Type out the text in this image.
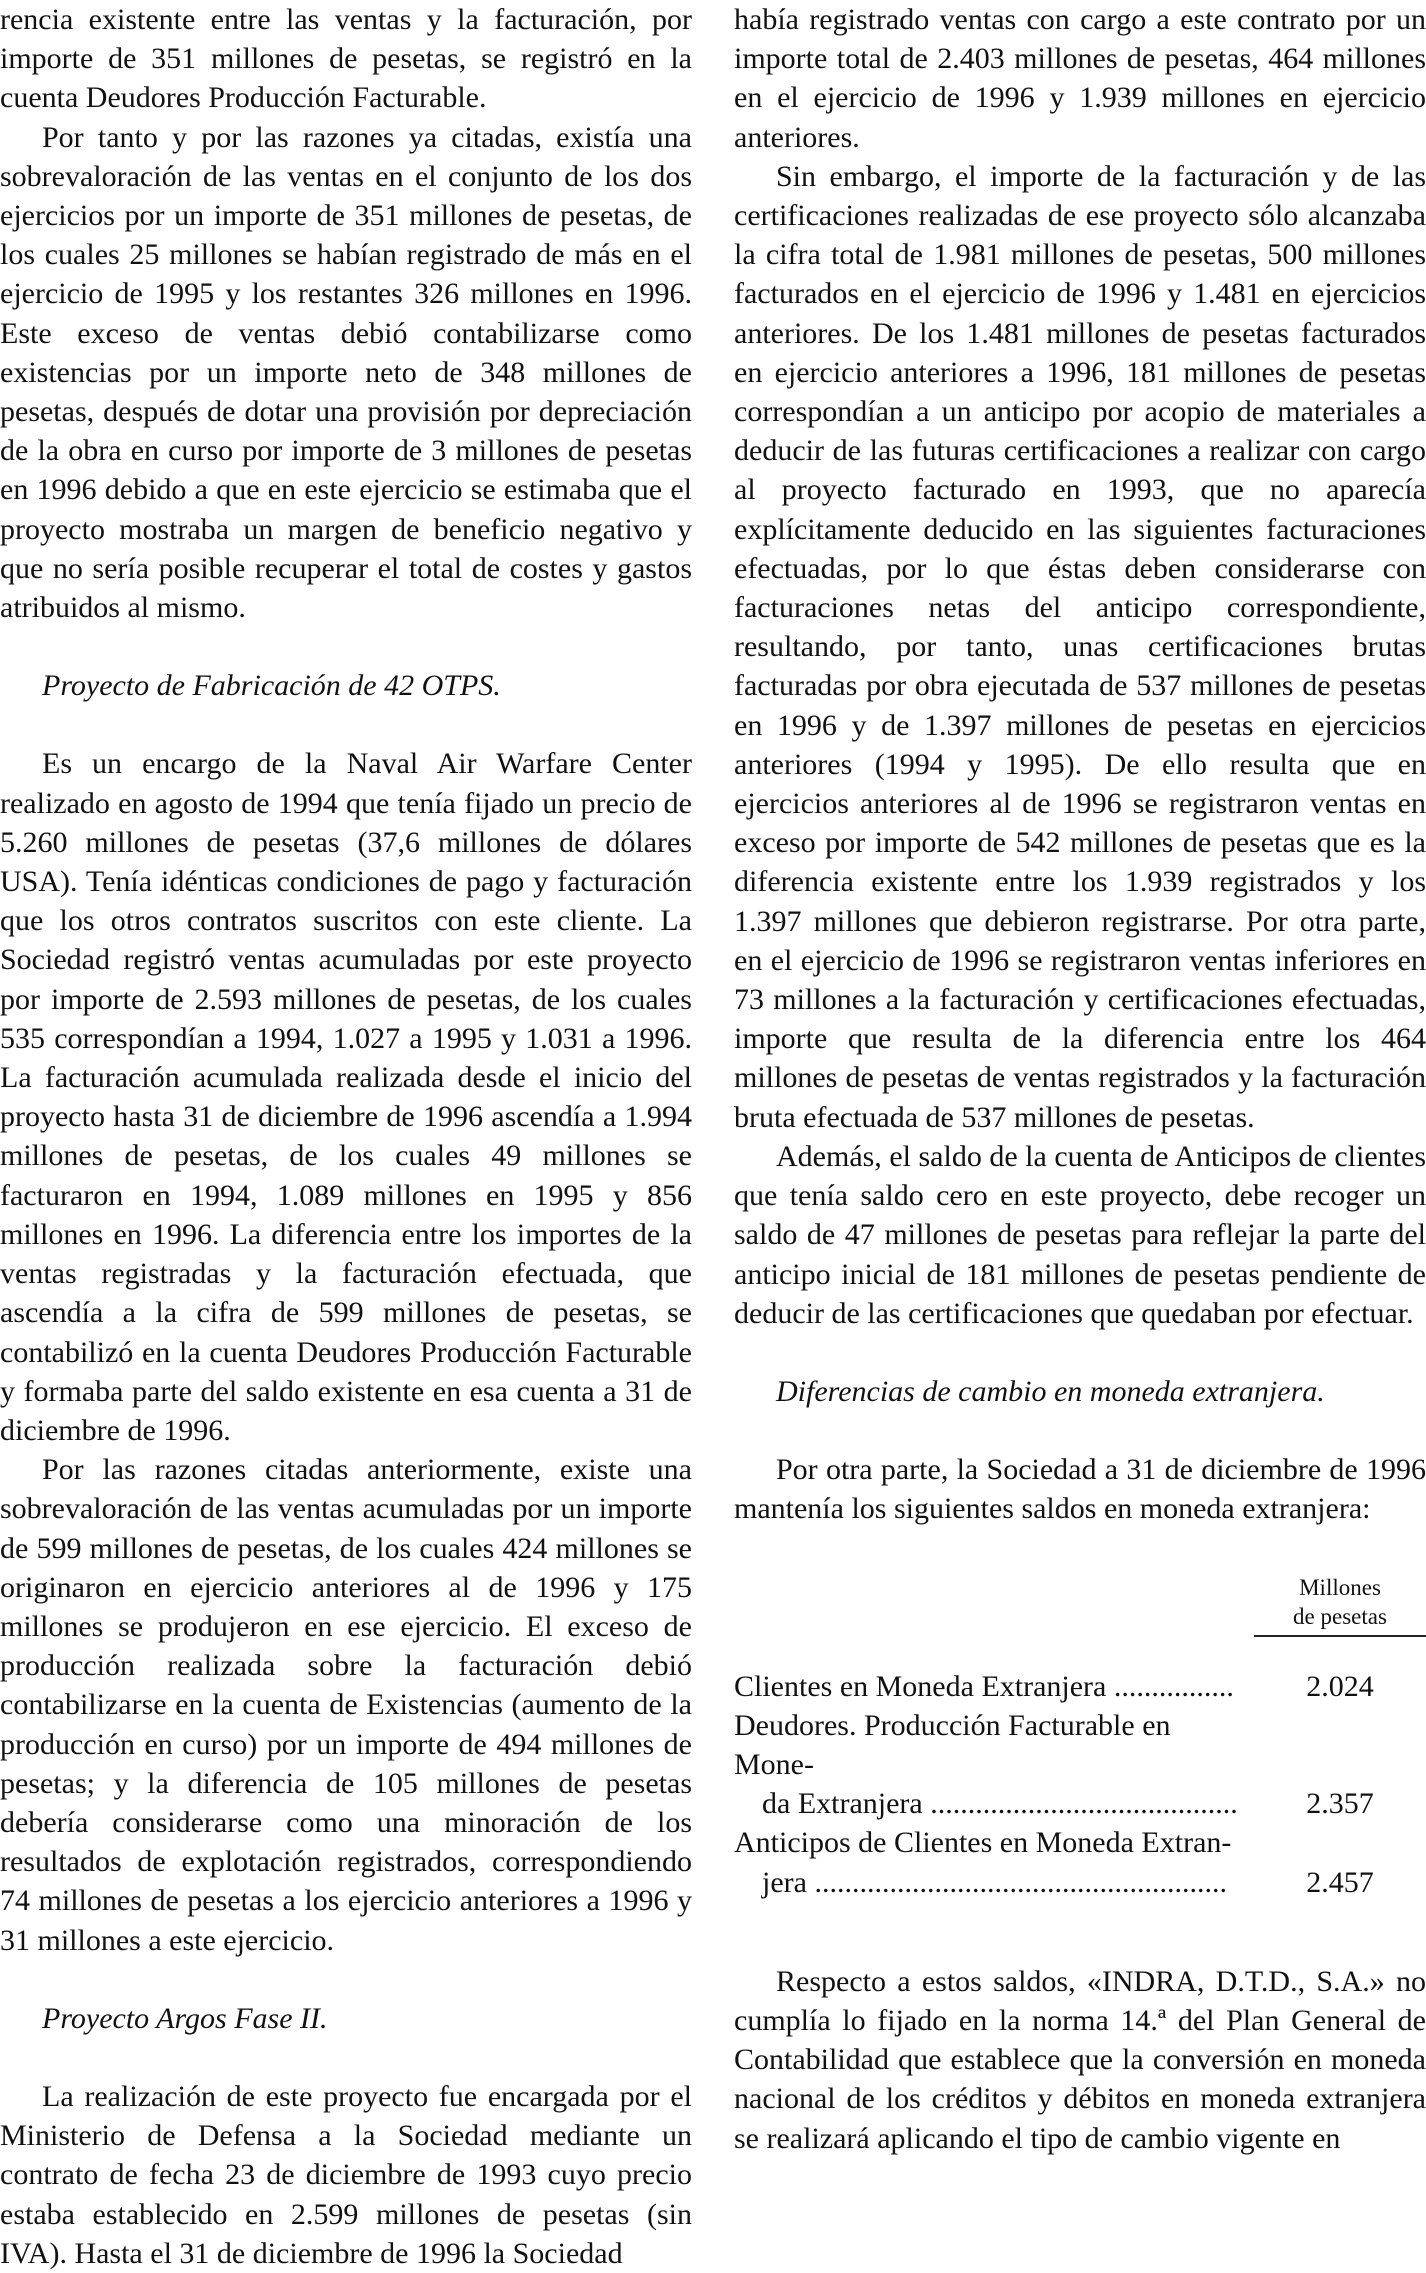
rencia existente entre las ventas y la facturación, por importe de 351 millones de pesetas, se registró en la cuenta Deudores Producción Facturable.

Por tanto y por las razones ya citadas, existía una sobrevaloración de las ventas en el conjunto de los dos ejercicios por un importe de 351 millones de pesetas, de los cuales 25 millones se habían registrado de más en el ejercicio de 1995 y los restantes 326 millones en 1996. Este exceso de ventas debió contabilizarse como existencias por un importe neto de 348 millones de pesetas, después de dotar una provisión por depreciación de la obra en curso por importe de 3 millones de pesetas en 1996 debido a que en este ejercicio se estimaba que el proyecto mostraba un margen de beneficio negativo y que no sería posible recuperar el total de costes y gastos atribuidos al mismo.

Proyecto de Fabricación de 42 OTPS.

Es un encargo de la Naval Air Warfare Center realizado en agosto de 1994 que tenía fijado un precio de 5.260 millones de pesetas (37,6 millones de dólares USA). Tenía idénticas condiciones de pago y facturación que los otros contratos suscritos con este cliente. La Sociedad registró ventas acumuladas por este proyecto por importe de 2.593 millones de pesetas, de los cuales 535 correspondían a 1994, 1.027 a 1995 y 1.031 a 1996. La facturación acumulada realizada desde el inicio del proyecto hasta 31 de diciembre de 1996 ascendía a 1.994 millones de pesetas, de los cuales 49 millones se facturaron en 1994, 1.089 millones en 1995 y 856 millones en 1996. La diferencia entre los importes de la ventas registradas y la facturación efectuada, que ascendía a la cifra de 599 millones de pesetas, se contabilizó en la cuenta Deudores Producción Facturable y formaba parte del saldo existente en esa cuenta a 31 de diciembre de 1996.

Por las razones citadas anteriormente, existe una sobrevaloración de las ventas acumuladas por un importe de 599 millones de pesetas, de los cuales 424 millones se originaron en ejercicio anteriores al de 1996 y 175 millones se produjeron en ese ejercicio. El exceso de producción realizada sobre la facturación debió contabilizarse en la cuenta de Existencias (aumento de la producción en curso) por un importe de 494 millones de pesetas; y la diferencia de 105 millones de pesetas debería considerarse como una minoración de los resultados de explotación registrados, correspondiendo 74 millones de pesetas a los ejercicio anteriores a 1996 y 31 millones a este ejercicio.

Proyecto Argos Fase II.

La realización de este proyecto fue encargada por el Ministerio de Defensa a la Sociedad mediante un contrato de fecha 23 de diciembre de 1993 cuyo precio estaba establecido en 2.599 millones de pesetas (sin IVA). Hasta el 31 de diciembre de 1996 la Sociedad

había registrado ventas con cargo a este contrato por un importe total de 2.403 millones de pesetas, 464 millones en el ejercicio de 1996 y 1.939 millones en ejercicio anteriores.

Sin embargo, el importe de la facturación y de las certificaciones realizadas de ese proyecto sólo alcanzaba la cifra total de 1.981 millones de pesetas, 500 millones facturados en el ejercicio de 1996 y 1.481 en ejercicios anteriores. De los 1.481 millones de pesetas facturados en ejercicio anteriores a 1996, 181 millones de pesetas correspondían a un anticipo por acopio de materiales a deducir de las futuras certificaciones a realizar con cargo al proyecto facturado en 1993, que no aparecía explícitamente deducido en las siguientes facturaciones efectuadas, por lo que éstas deben considerarse con facturaciones netas del anticipo correspondiente, resultando, por tanto, unas certificaciones brutas facturadas por obra ejecutada de 537 millones de pesetas en 1996 y de 1.397 millones de pesetas en ejercicios anteriores (1994 y 1995). De ello resulta que en ejercicios anteriores al de 1996 se registraron ventas en exceso por importe de 542 millones de pesetas que es la diferencia existente entre los 1.939 registrados y los 1.397 millones que debieron registrarse. Por otra parte, en el ejercicio de 1996 se registraron ventas inferiores en 73 millones a la facturación y certificaciones efectuadas, importe que resulta de la diferencia entre los 464 millones de pesetas de ventas registrados y la facturación bruta efectuada de 537 millones de pesetas.

Además, el saldo de la cuenta de Anticipos de clientes que tenía saldo cero en este proyecto, debe recoger un saldo de 47 millones de pesetas para reflejar la parte del anticipo inicial de 181 millones de pesetas pendiente de deducir de las certificaciones que quedaban por efectuar.

Diferencias de cambio en moneda extranjera.

Por otra parte, la Sociedad a 31 de diciembre de 1996 mantenía los siguientes saldos en moneda extranjera:

Millones
de pesetas
Clientes en Moneda Extranjera ................	2.024
Deudores. Producción Facturable en Mone-
da Extranjera .........................................	2.357
Anticipos de Clientes en Moneda Extran-
jera .......................................................	2.457

Respecto a estos saldos, «INDRA, D.T.D., S.A.» no cumplía lo fijado en la norma 14.ª del Plan General de Contabilidad que establece que la conversión en moneda nacional de los créditos y débitos en moneda extranjera se realizará aplicando el tipo de cambio vigente en
